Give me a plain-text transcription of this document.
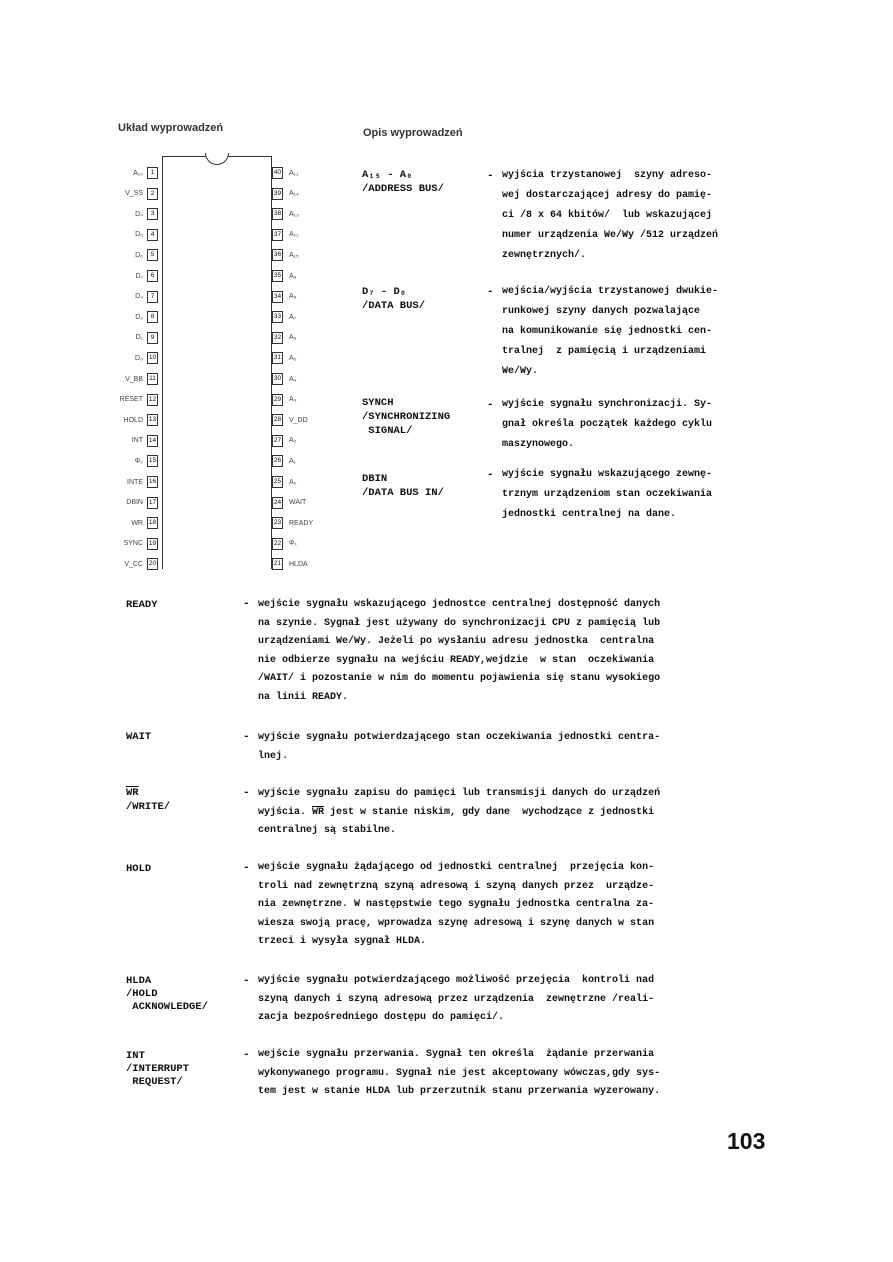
Układ wyprowadzeń	Opis wyprowadzeń
A₁₀ 1
V_SS 2
D₄ 3
D₅ 4
D₆ 5
D₇ 6
D₃ 7
D₂ 8
D₁ 9
D₀ 10
V_BB 11
RESET 12
HOLD 13
INT 14
Φ₂ 15
INTE 16
DBIN 17
WR 18
SYNC 19
V_CC 20
40 A₁₁
39 A₁₄
38 A₁₃
37 A₁₂
36 A₁₅
35 A₉
34 A₈
33 A₇
32 A₆
31 A₅
30 A₄
29 A₃
28 V_DD
27 A₂
26 A₁
25 A₀
24 WAIT
23 READY
22 Φ₁
21 HLDA
A₁₅ - A₀
/ADDRESS BUS/
- wyjścia trzystanowej  szyny adreso-
wej dostarczającej adresy do pamię-
ci /8 x 64 kbitów/  lub wskazującej
numer urządzenia We/Wy /512 urządzeń
zewnętrznych/.
D₇ - D₀
/DATA BUS/
- wejścia/wyjścia trzystanowej dwukie-
runkowej szyny danych pozwalające
na komunikowanie się jednostki cen-
tralnej  z pamięcią i urządzeniami
We/Wy.
SYNCH
/SYNCHRONIZING
SIGNAL/
- wyjście sygnału synchronizacji. Sy-
gnał określa początek każdego cyklu
maszynowego.
DBIN
/DATA BUS IN/
- wyjście sygnału wskazującego zewnę-
trznym urządzeniom stan oczekiwania
jednostki centralnej na dane.
READY	- wejście sygnału wskazującego jednostce centralnej dostępność danych
na szynie. Sygnał jest używany do synchronizacji CPU z pamięcią lub
urządzeniami We/Wy. Jeżeli po wysłaniu adresu jednostka  centralna
nie odbierze sygnału na wejściu READY,wejdzie  w stan  oczekiwania
/WAIT/ i pozostanie w nim do momentu pojawienia się stanu wysokiego
na linii READY.
WAIT	- wyjście sygnału potwierdzającego stan oczekiwania jednostki centra-
lnej.
$\overline{WR}$
/WRITE/
- wyjście sygnału zapisu do pamięci lub transmisji danych do urządzeń
wyjścia. $\overline{WR}$ jest w stanie niskim, gdy dane  wychodzące z jednostki
centralnej są stabilne.
HOLD	- wejście sygnału żądającego od jednostki centralnej  przejęcia kon-
troli nad zewnętrzną szyną adresową i szyną danych przez  urządze-
nia zewnętrzne. W następstwie tego sygnału jednostka centralna za-
wiesza swoją pracę, wprowadza szynę adresową i szynę danych w stan
trzeci i wysyła sygnał HLDA.
HLDA
/HOLD
ACKNOWLEDGE/
- wyjście sygnału potwierdzającego możliwość przejęcia  kontroli nad
szyną danych i szyną adresową przez urządzenia  zewnętrzne /reali-
zacja bezpośredniego dostępu do pamięci/.
INT
/INTERRUPT
REQUEST/
- wejście sygnału przerwania. Sygnał ten określa  żądanie przerwania
wykonywanego programu. Sygnał nie jest akceptowany wówczas,gdy sys-
tem jest w stanie HLDA lub przerzutnik stanu przerwania wyzerowany.
103
